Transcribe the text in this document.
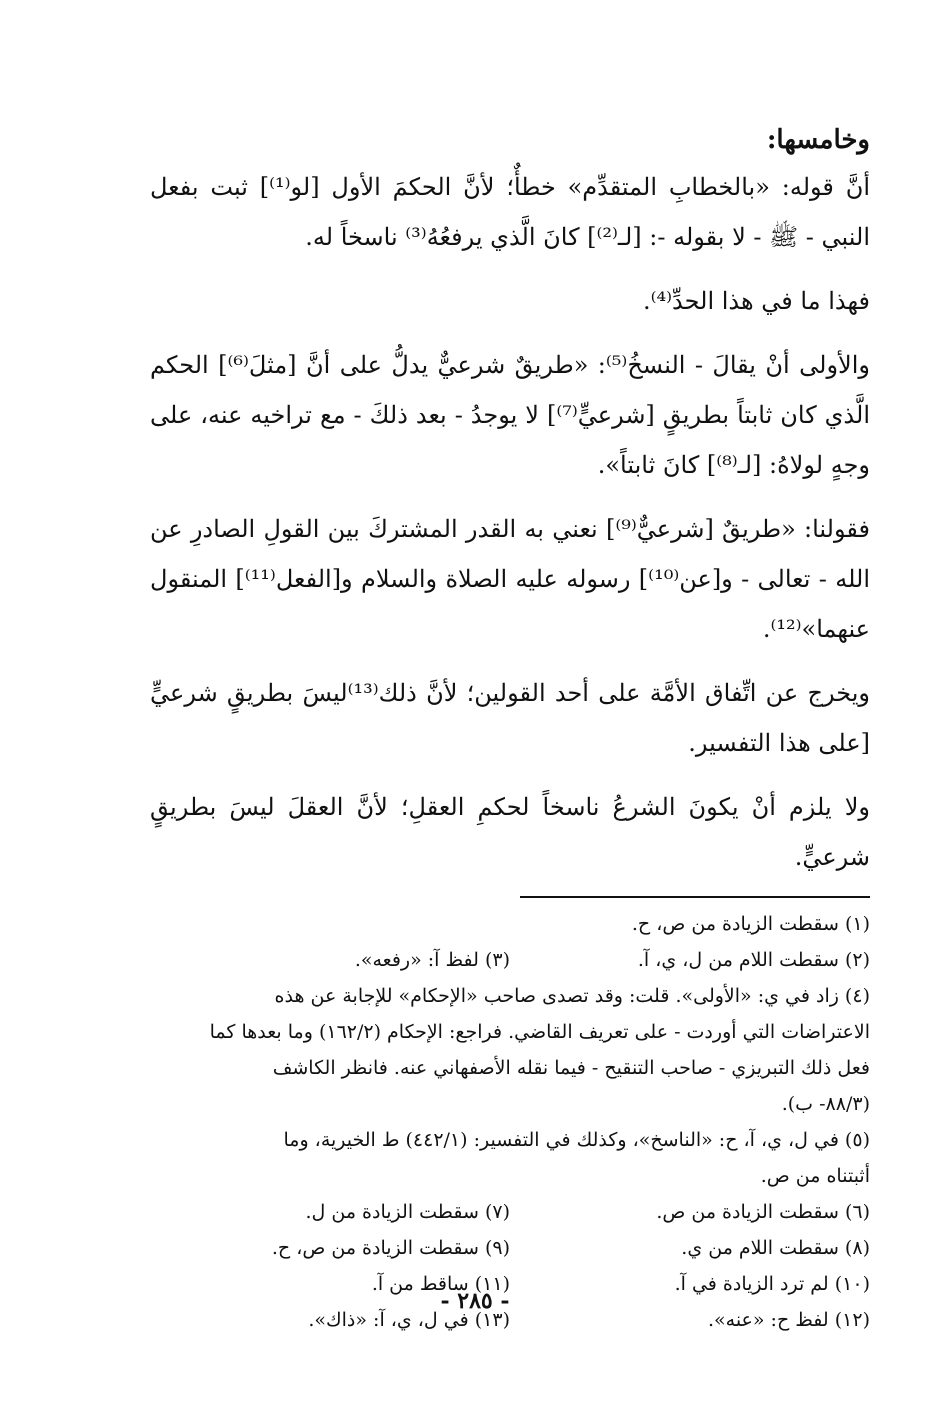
وخامسها:

أنَّ قوله: «بالخطابِ المتقدِّم» خطأٌ؛ لأنَّ الحكمَ الأول [لو⁽¹⁾] ثبت بفعل النبي - ﷺ - لا بقوله -: [لـ⁽²⁾] كانَ الَّذي يرفعُهُ⁽³⁾ ناسخاً له.

فهذا ما في هذا الحدِّ⁽⁴⁾.

والأولى أنْ يقالَ - النسخُ⁽⁵⁾: «طريقٌ شرعيٌّ يدلُّ على أنَّ [مثلَ⁽⁶⁾] الحكم الَّذي كان ثابتاً بطريقٍ [شرعيٍّ⁽⁷⁾] لا يوجدُ - بعد ذلكَ - مع تراخيه عنه، على وجهٍ لولاهُ: [لـ⁽⁸⁾] كانَ ثابتاً».

فقولنا: «طريقٌ [شرعيٌّ⁽⁹⁾] نعني به القدر المشتركَ بين القولِ الصادرِ عن الله - تعالى - و[عن⁽¹⁰⁾] رسوله عليه الصلاة والسلام و[الفعل⁽¹¹⁾] المنقول عنهما»⁽¹²⁾.

ويخرج عن اتِّفاق الأمَّة على أحد القولين؛ لأنَّ ذلك⁽¹³⁾ليسَ بطريقٍ شرعيٍّ [على هذا التفسير.

ولا يلزم أنْ يكونَ الشرعُ ناسخاً لحكمِ العقلِ؛ لأنَّ العقلَ ليسَ بطريقٍ شرعيٍّ.

(١) سقطت الزيادة من ص، ح.

(٢) سقطت اللام من ل، ي، آ.
(٣) لفظ آ: «رفعه».

(٤) زاد في ي: «الأولى». قلت: وقد تصدى صاحب «الإحكام» للإجابة عن هذه

الاعتراضات التي أوردت - على تعريف القاضي. فراجع: الإحكام (١٦٢/٢) وما بعدها كما

فعل ذلك التبريزي - صاحب التنقيح - فيما نقله الأصفهاني عنه. فانظر الكاشف

(٨٨/٣- ب).

(٥) في ل، ي، آ، ح: «الناسخ»، وكذلك في التفسير: (٤٤٢/١) ط الخيرية، وما

أثبتناه من ص.

(٦) سقطت الزيادة من ص.
(٧) سقطت الزيادة من ل.
(٨) سقطت اللام من ي.
(٩) سقطت الزيادة من ص، ح.
(١٠) لم ترد الزيادة في آ.
(١١) ساقط من آ.
(١٢) لفظ ح: «عنه».
(١٣) في ل، ي، آ: «ذاك».
- ٢٨٥ -
